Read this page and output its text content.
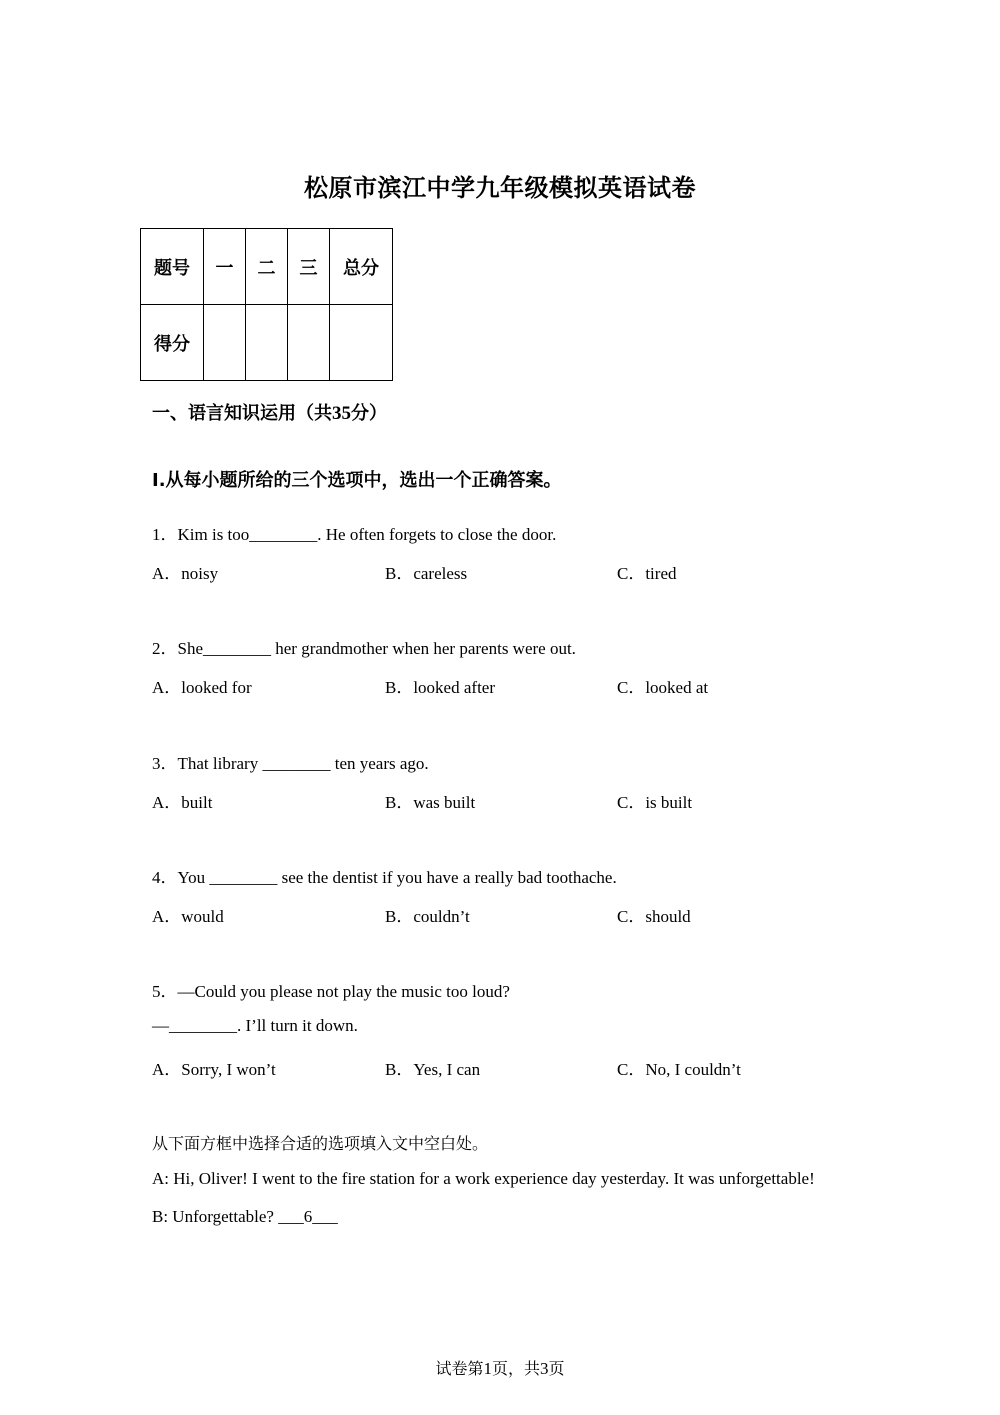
松原市滨江中学九年级模拟英语试卷
题号	一	二	三	总分
得分				
一、语言知识运用（共35分）
Ⅰ.从每小题所给的三个选项中，选出一个正确答案。
1．Kim is too________. He often forgets to close the door.
A．noisy	B．careless	C．tired
2．She________ her grandmother when her parents were out.
A．looked for	B．looked after	C．looked at
3．That library ________ ten years ago.
A．built	B．was built	C．is built
4．You ________ see the dentist if you have a really bad toothache.
A．would	B．couldn’t	C．should
5．—Could you please not play the music too loud?
—________. I’ll turn it down.
A．Sorry, I won’t	B．Yes, I can	C．No, I couldn’t
从下面方框中选择合适的选项填入文中空白处。
A: Hi, Oliver! I went to the fire station for a work experience day yesterday. It was unforgettable!
B: Unforgettable? ___6___
试卷第1页，共3页
